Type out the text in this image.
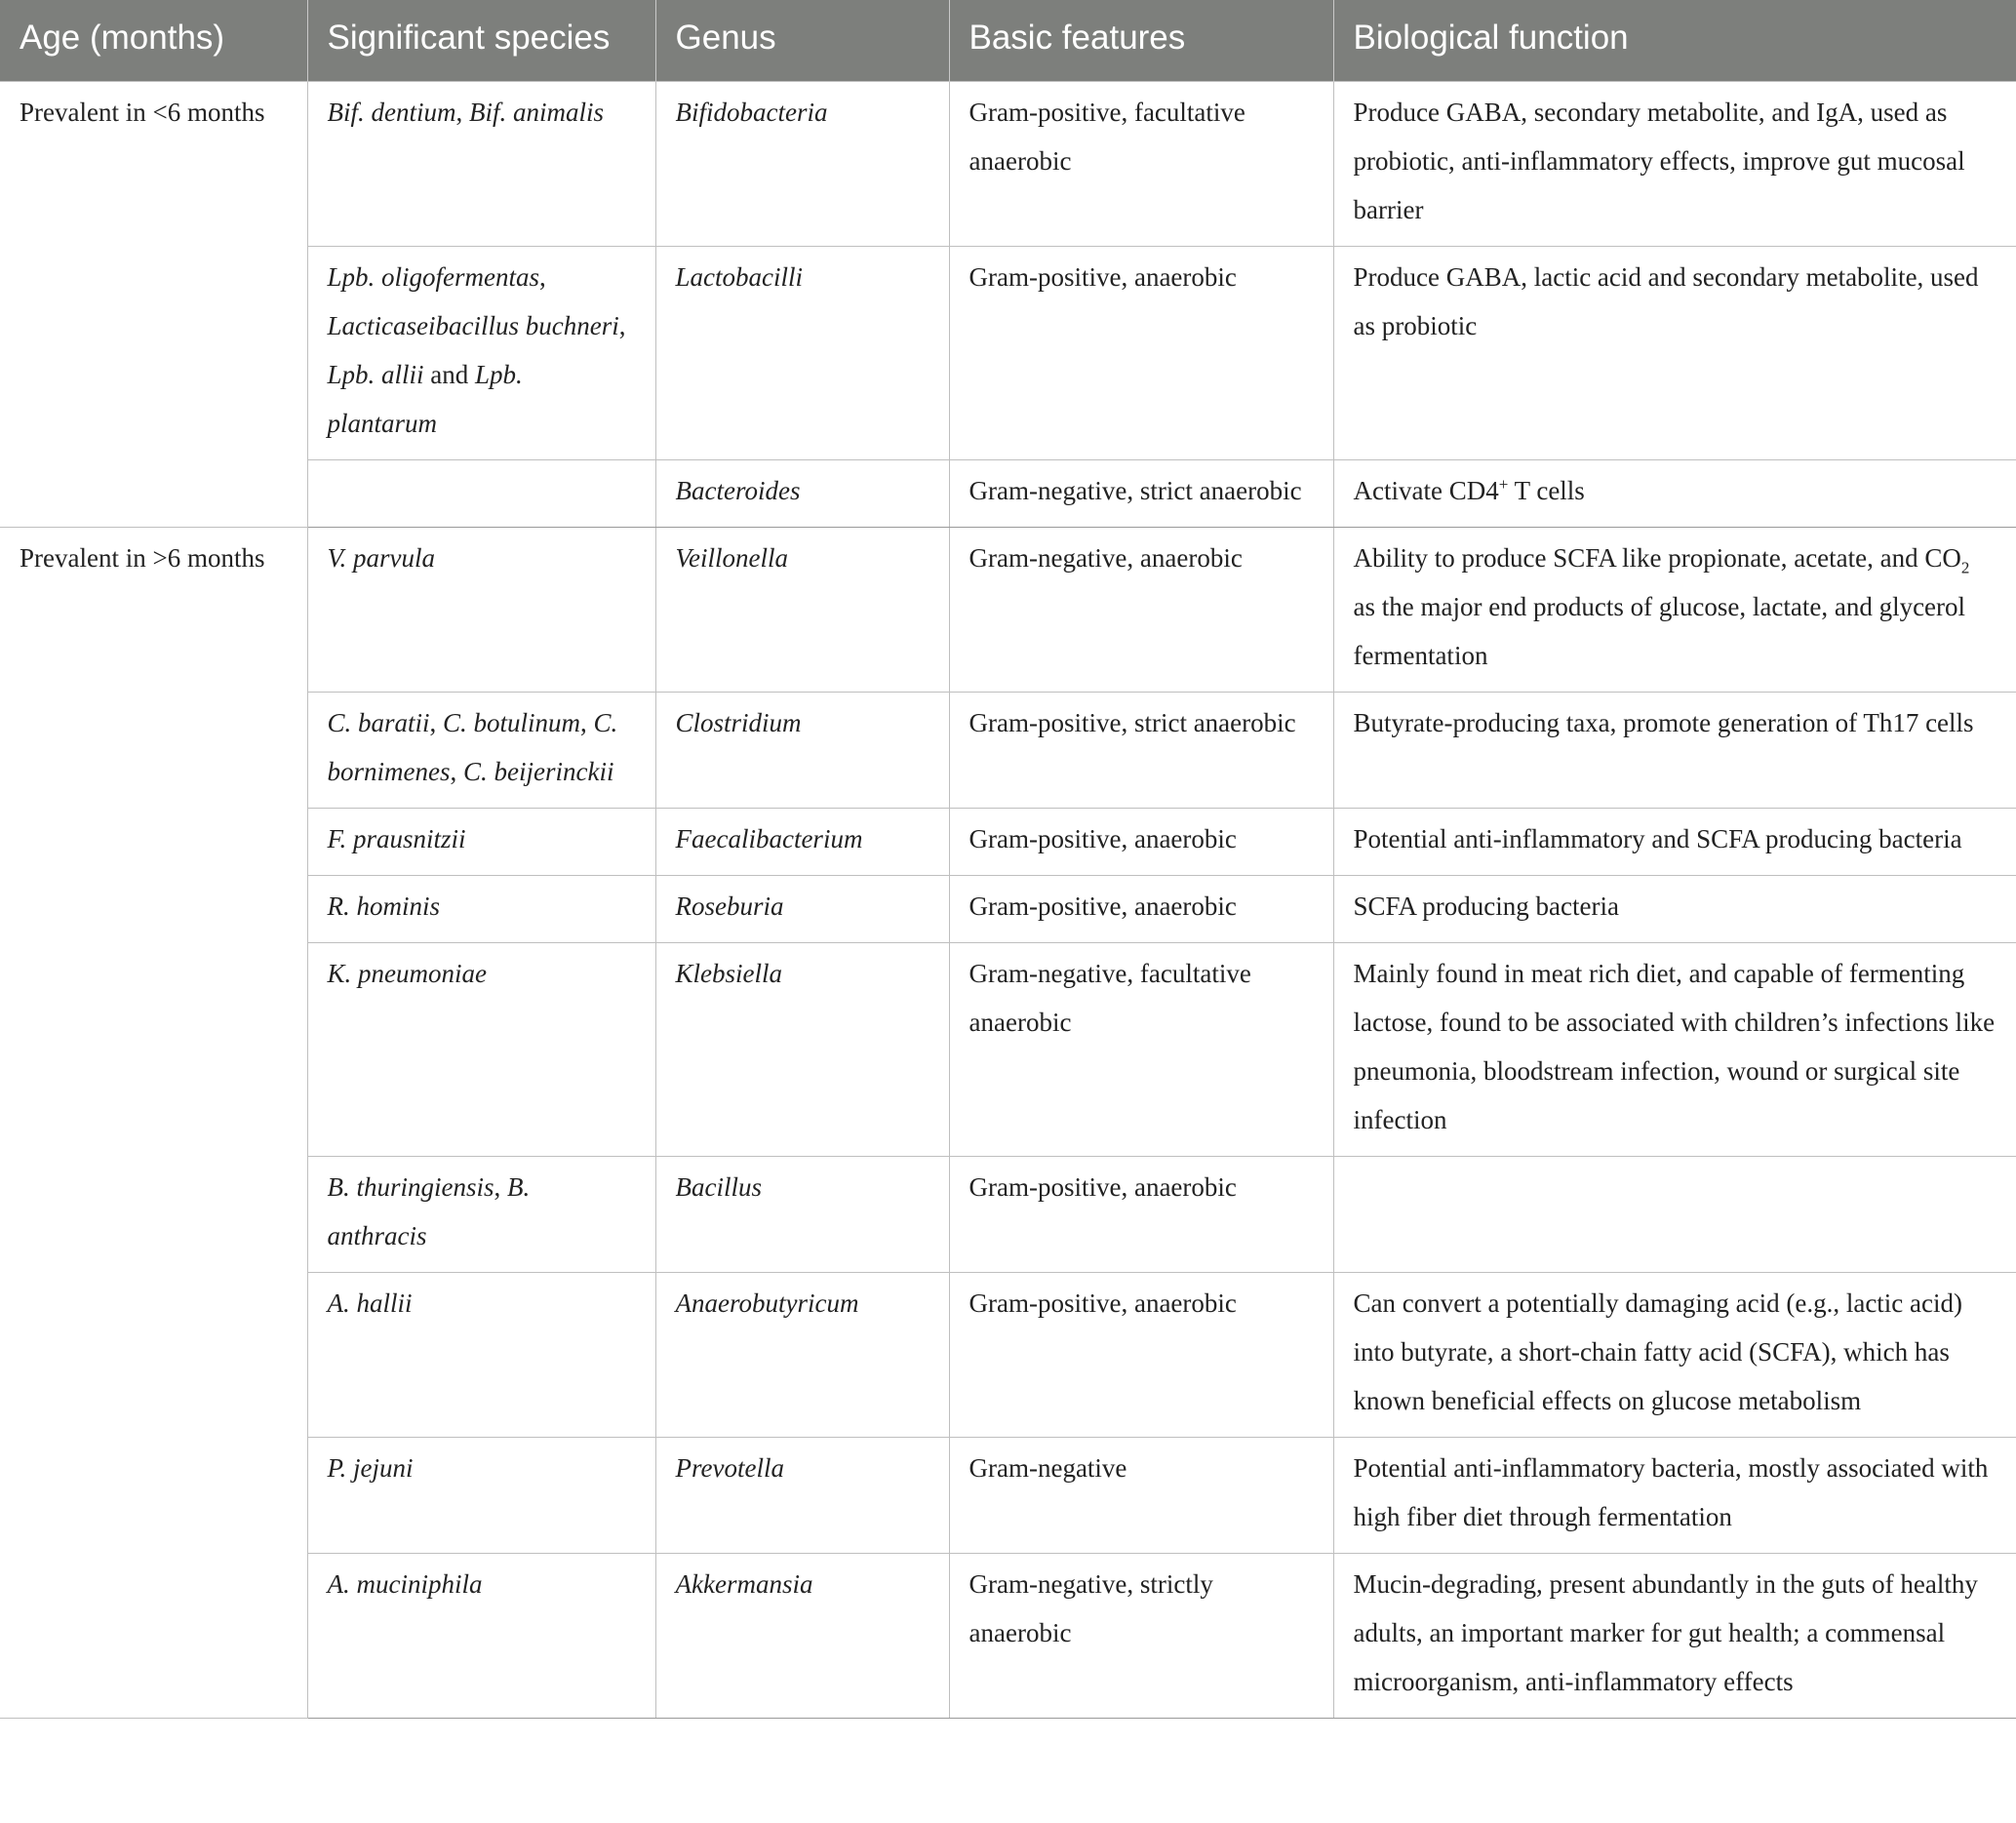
Age (months)	Significant species	Genus	Basic features	Biological function
Prevalent in <6 months	Bif. dentium, Bif. animalis	Bifidobacteria	Gram-positive, facultative anaerobic	Produce GABA, secondary metabolite, and IgA, used as probiotic, anti-inflammatory effects, improve gut mucosal barrier
	Lpb. oligofermentas, Lacticaseibacillus buchneri, Lpb. allii and Lpb. plantarum	Lactobacilli	Gram-positive, anaerobic	Produce GABA, lactic acid and secondary metabolite, used as probiotic
		Bacteroides	Gram-negative, strict anaerobic	Activate CD4+ T cells
Prevalent in >6 months	V. parvula	Veillonella	Gram-negative, anaerobic	Ability to produce SCFA like propionate, acetate, and $CO_2$ as the major end products of glucose, lactate, and glycerol fermentation
	C. baratii, C. botulinum, C. bornimenes, C. beijerinckii	Clostridium	Gram-positive, strict anaerobic	Butyrate-producing taxa, promote generation of Th17 cells
	F. prausnitzii	Faecalibacterium	Gram-positive, anaerobic	Potential anti-inflammatory and SCFA producing bacteria
	R. hominis	Roseburia	Gram-positive, anaerobic	SCFA producing bacteria
	K. pneumoniae	Klebsiella	Gram-negative, facultative anaerobic	Mainly found in meat rich diet, and capable of fermenting lactose, found to be associated with children’s infections like pneumonia, bloodstream infection, wound or surgical site infection
	B. thuringiensis, B. anthracis	Bacillus	Gram-positive, anaerobic	
	A. hallii	Anaerobutyricum	Gram-positive, anaerobic	Can convert a potentially damaging acid (e.g., lactic acid) into butyrate, a short-chain fatty acid (SCFA), which has known beneficial effects on glucose metabolism
	P. jejuni	Prevotella	Gram-negative	Potential anti-inflammatory bacteria, mostly associated with high fiber diet through fermentation
	A. muciniphila	Akkermansia	Gram-negative, strictly anaerobic	Mucin-degrading, present abundantly in the guts of healthy adults, an important marker for gut health; a commensal microorganism, anti-inflammatory effects
